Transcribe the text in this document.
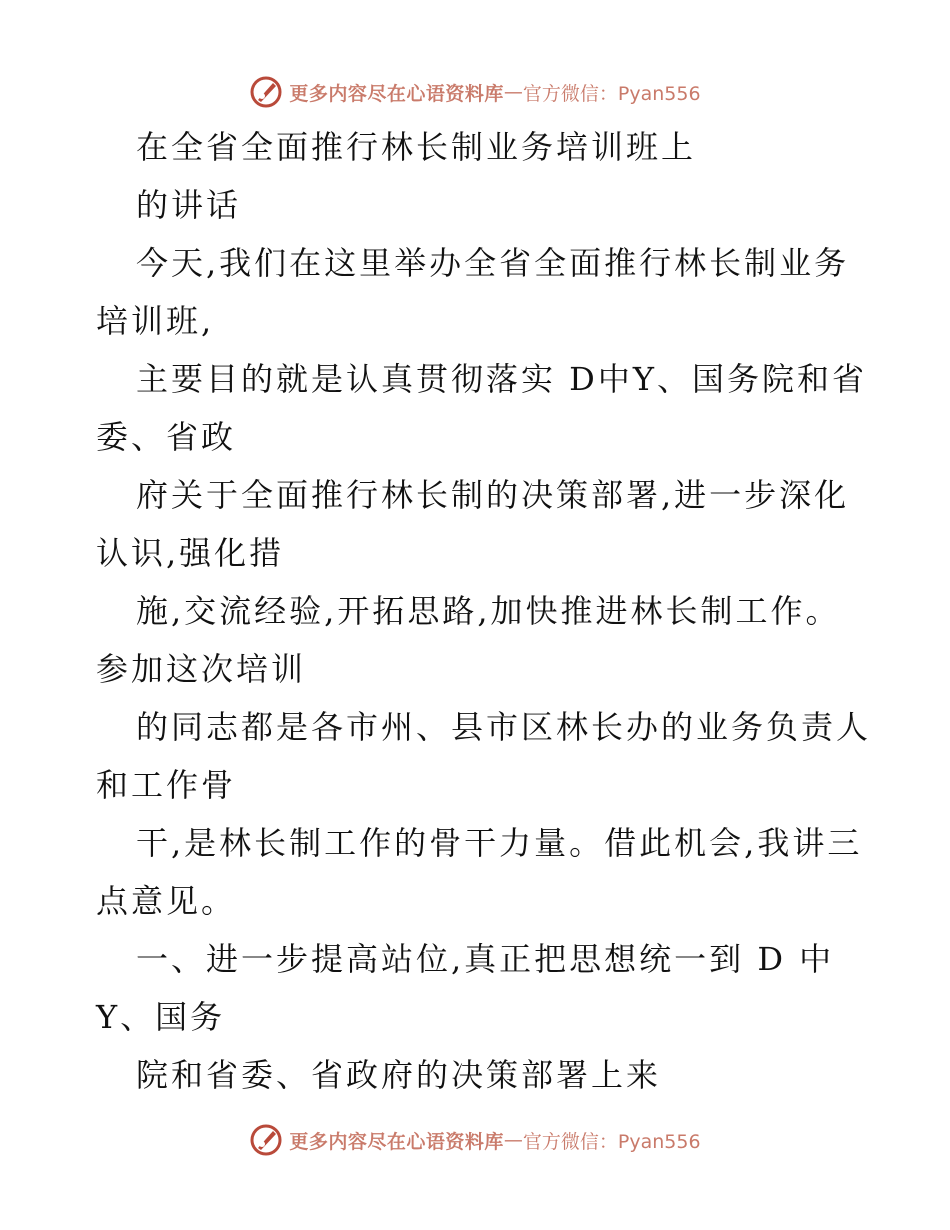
更多内容尽在心语资料库 — 官方微信：Pyan556
在全省全面推行林长制业务培训班上
的讲话
今天,我们在这里举办全省全面推行林长制业务
培训班,
主要目的就是认真贯彻落实 D中Y、国务院和省
委、省政
府关于全面推行林长制的决策部署,进一步深化
认识,强化措
施,交流经验,开拓思路,加快推进林长制工作。
参加这次培训
的同志都是各市州、县市区林长办的业务负责人
和工作骨
干,是林长制工作的骨干力量。借此机会,我讲三
点意见。
一、进一步提高站位,真正把思想统一到 D 中
Y、国务
院和省委、省政府的决策部署上来
更多内容尽在心语资料库 — 官方微信：Pyan556
